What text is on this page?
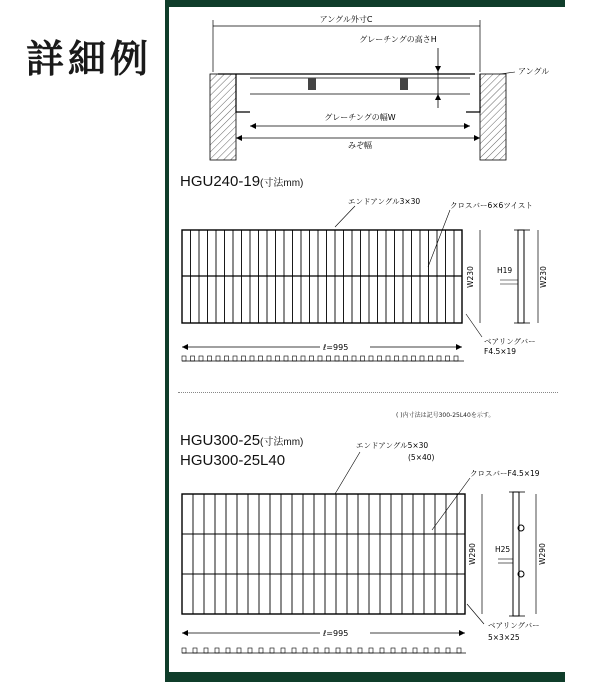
詳細例
アングル外寸C
グレーチングの高さH
アングル
グレーチングの幅W
みぞ幅
HGU240-19(寸法mm)
エンドアングル3×30	クロスバー6×6ツイスト
W230	H19	W230
ℓ=995
ベアリングバー
F4.5×19
( )内寸法は記号300-25L40を示す。
HGU300-25(寸法mm)
HGU300-25L40
エンドアングル5×30
(5×40)
クロスバーF4.5×19
W290 H25	W290
ℓ=995
ベアリングバー
5×3×25
